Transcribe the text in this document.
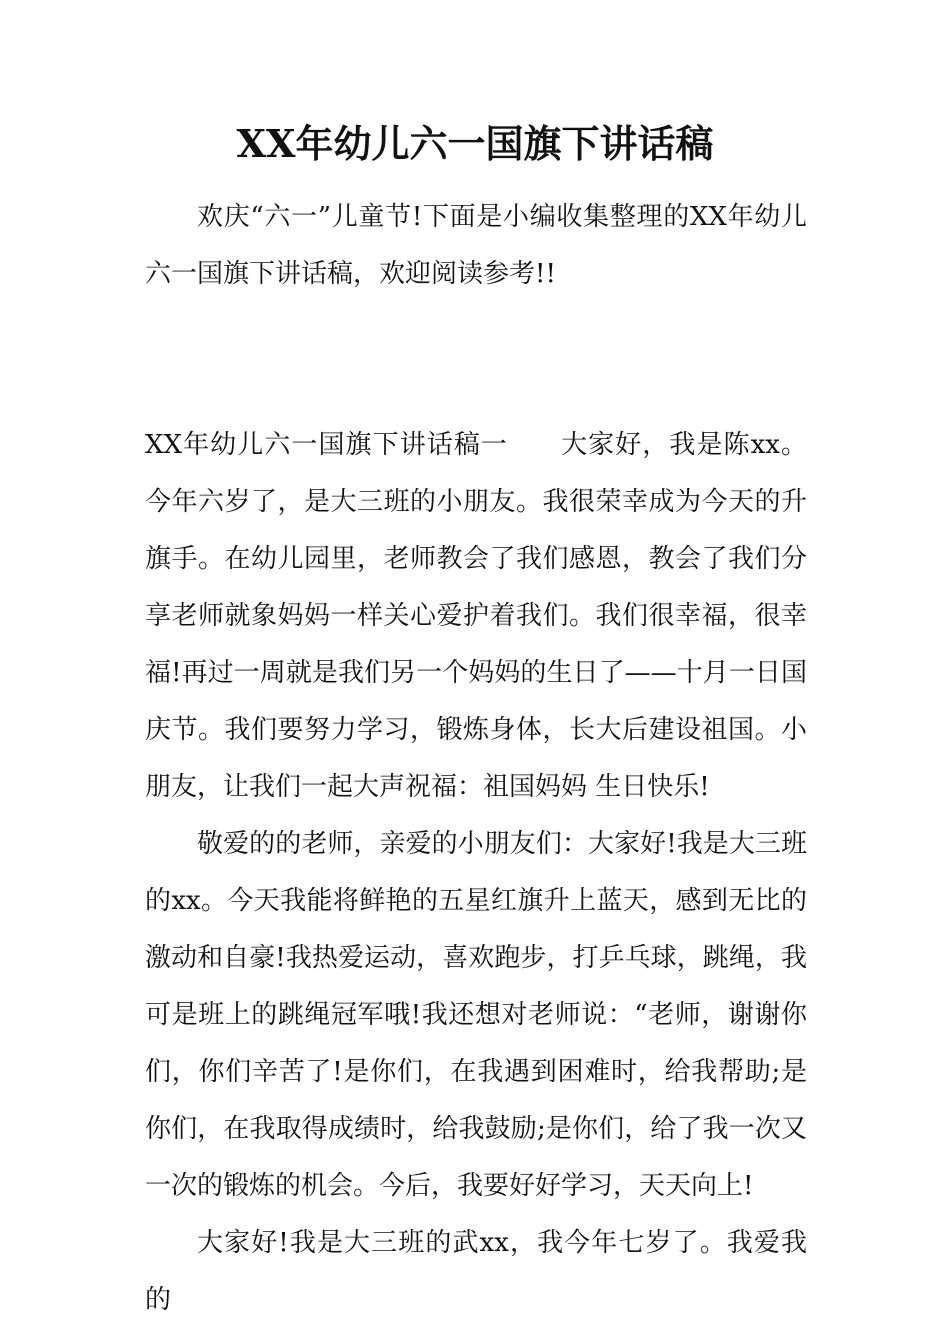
XX年幼儿六一国旗下讲话稿

欢庆“六一”儿童节!下面是小编收集整理的XX年幼儿六一国旗下讲话稿，欢迎阅读参考!!

XX年幼儿六一国旗下讲话稿一 大家好，我是陈xx。今年六岁了，是大三班的小朋友。我很荣幸成为今天的升旗手。在幼儿园里，老师教会了我们感恩，教会了我们分享老师就象妈妈一样关心爱护着我们。我们很幸福，很幸福!再过一周就是我们另一个妈妈的生日了——十月一日国庆节。我们要努力学习，锻炼身体，长大后建设祖国。小朋友，让我们一起大声祝福：祖国妈妈 生日快乐!

敬爱的的老师，亲爱的小朋友们：大家好!我是大三班的xx。今天我能将鲜艳的五星红旗升上蓝天，感到无比的激动和自豪!我热爱运动，喜欢跑步，打乒乓球，跳绳，我可是班上的跳绳冠军哦!我还想对老师说：“老师，谢谢你们，你们辛苦了!是你们，在我遇到困难时，给我帮助;是你们，在我取得成绩时，给我鼓励;是你们，给了我一次又一次的锻炼的机会。今后，我要好好学习，天天向上!

大家好!我是大三班的武xx，我今年七岁了。我爱我的
